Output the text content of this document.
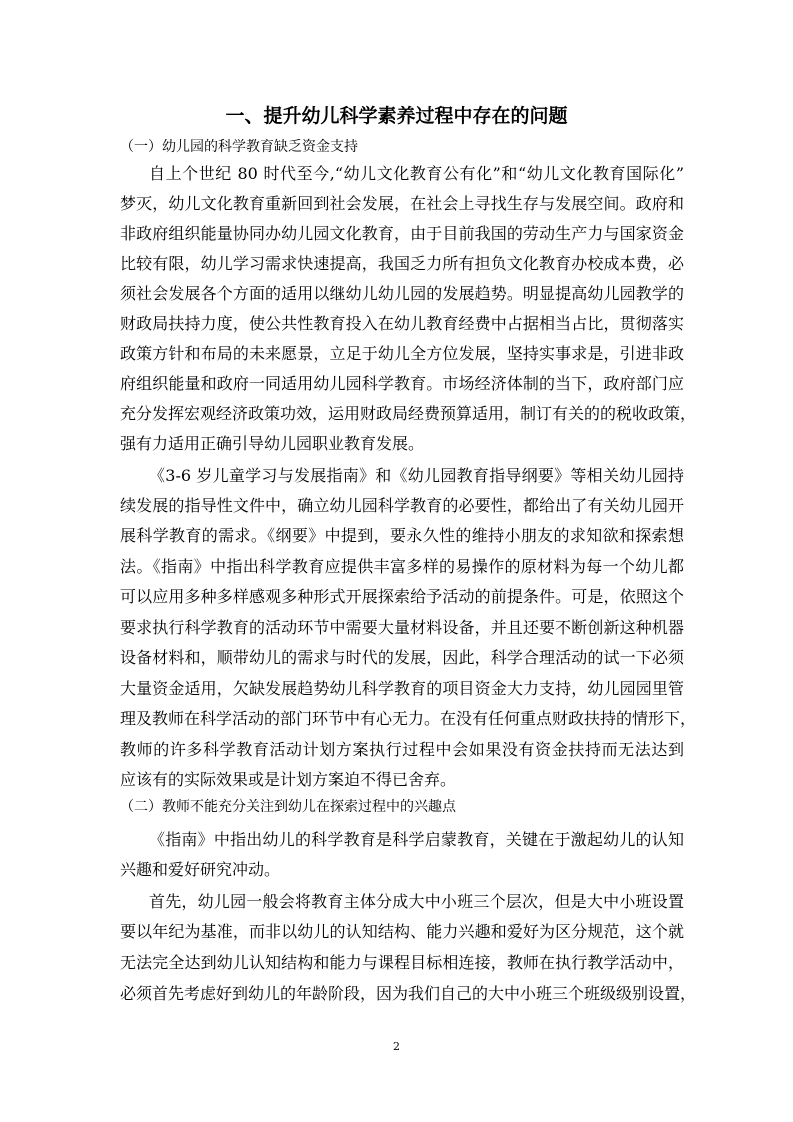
一、提升幼儿科学素养过程中存在的问题
（一）幼儿园的科学教育缺乏资金支持
自上个世纪 80 时代至今,“幼儿文化教育公有化”和“幼儿文化教育国际化”
梦灭，幼儿文化教育重新回到社会发展，在社会上寻找生存与发展空间。政府和
非政府组织能量协同办幼儿园文化教育，由于目前我国的劳动生产力与国家资金
比较有限，幼儿学习需求快速提高，我国乏力所有担负文化教育办校成本费，必
须社会发展各个方面的适用以继幼儿幼儿园的发展趋势。明显提高幼儿园教学的
财政局扶持力度，使公共性教育投入在幼儿教育经费中占据相当占比，贯彻落实
政策方针和布局的未来愿景，立足于幼儿全方位发展，坚持实事求是，引进非政
府组织能量和政府一同适用幼儿园科学教育。市场经济体制的当下，政府部门应
充分发挥宏观经济政策功效，运用财政局经费预算适用，制订有关的的税收政策，
强有力适用正确引导幼儿园职业教育发展。
《3-6 岁儿童学习与发展指南》和《幼儿园教育指导纲要》等相关幼儿园持
续发展的指导性文件中，确立幼儿园科学教育的必要性，都给出了有关幼儿园开
展科学教育的需求。《纲要》中提到，要永久性的维持小朋友的求知欲和探索想
法。《指南》中指出科学教育应提供丰富多样的易操作的原材料为每一个幼儿都
可以应用多种多样感观多种形式开展探索给予活动的前提条件。可是，依照这个
要求执行科学教育的活动环节中需要大量材料设备，并且还要不断创新这种机器
设备材料和，顺带幼儿的需求与时代的发展，因此，科学合理活动的试一下必须
大量资金适用，欠缺发展趋势幼儿科学教育的项目资金大力支持，幼儿园园里管
理及教师在科学活动的部门环节中有心无力。在没有任何重点财政扶持的情形下，
教师的许多科学教育活动计划方案执行过程中会如果没有资金扶持而无法达到
应该有的实际效果或是计划方案迫不得已舍弃。
（二）教师不能充分关注到幼儿在探索过程中的兴趣点
《指南》中指出幼儿的科学教育是科学启蒙教育，关键在于激起幼儿的认知
兴趣和爱好研究冲动。
首先，幼儿园一般会将教育主体分成大中小班三个层次，但是大中小班设置
要以年纪为基准，而非以幼儿的认知结构、能力兴趣和爱好为区分规范，这个就
无法完全达到幼儿认知结构和能力与课程目标相连接，教师在执行教学活动中，
必须首先考虑好到幼儿的年龄阶段，因为我们自己的大中小班三个班级级别设置，
2
